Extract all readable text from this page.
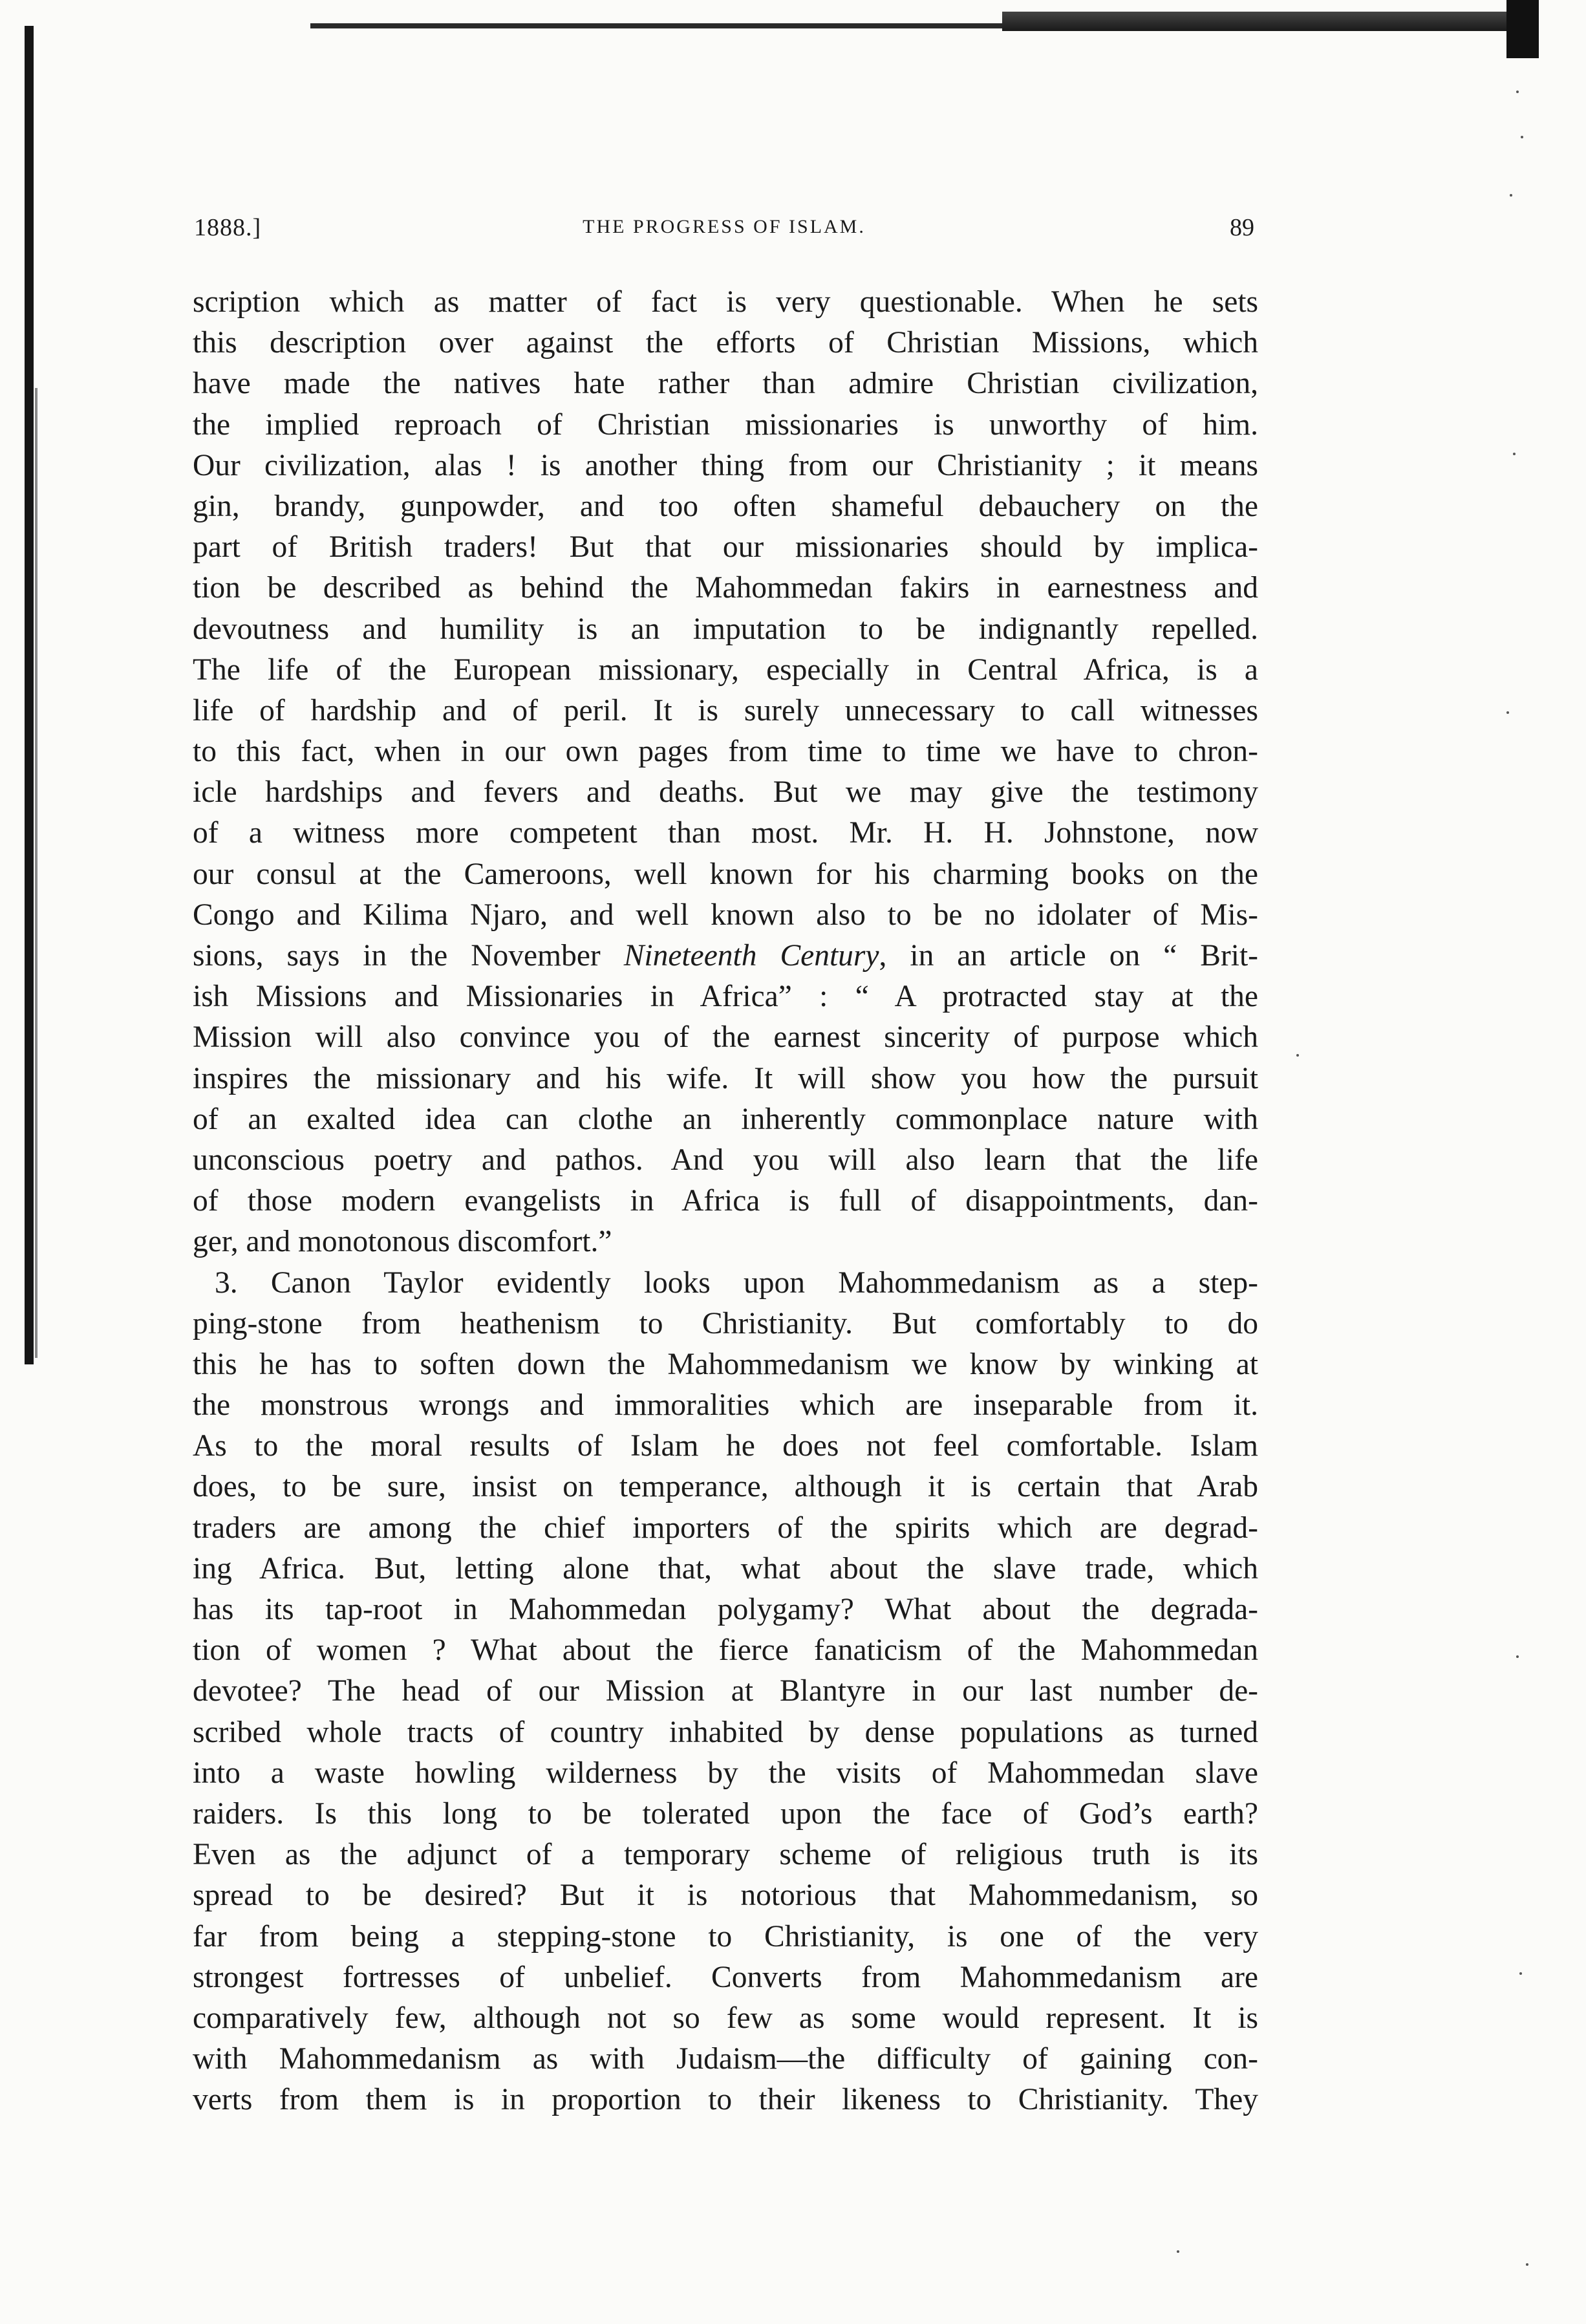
1888.]	THE PROGRESS OF ISLAM.	89
scription which as matter of fact is very questionable. When he sets
this description over against the efforts of Christian Missions, which
have made the natives hate rather than admire Christian civilization,
the implied reproach of Christian missionaries is unworthy of him.
Our civilization, alas ! is another thing from our Christianity ; it means
gin, brandy, gunpowder, and too often shameful debauchery on the
part of British traders! But that our missionaries should by implica-
tion be described as behind the Mahommedan fakirs in earnestness and
devoutness and humility is an imputation to be indignantly repelled.
The life of the European missionary, especially in Central Africa, is a
life of hardship and of peril. It is surely unnecessary to call witnesses
to this fact, when in our own pages from time to time we have to chron-
icle hardships and fevers and deaths. But we may give the testimony
of a witness more competent than most. Mr. H. H. Johnstone, now
our consul at the Cameroons, well known for his charming books on the
Congo and Kilima Njaro, and well known also to be no idolater of Mis-
sions, says in the November Nineteenth Century, in an article on “ Brit-
ish Missions and Missionaries in Africa” : “ A protracted stay at the
Mission will also convince you of the earnest sincerity of purpose which
inspires the missionary and his wife. It will show you how the pursuit
of an exalted idea can clothe an inherently commonplace nature with
unconscious poetry and pathos. And you will also learn that the life
of those modern evangelists in Africa is full of disappointments, dan-
ger, and monotonous discomfort.”
3. Canon Taylor evidently looks upon Mahommedanism as a step-
ping-stone from heathenism to Christianity. But comfortably to do
this he has to soften down the Mahommedanism we know by winking at
the monstrous wrongs and immoralities which are inseparable from it.
As to the moral results of Islam he does not feel comfortable. Islam
does, to be sure, insist on temperance, although it is certain that Arab
traders are among the chief importers of the spirits which are degrad-
ing Africa. But, letting alone that, what about the slave trade, which
has its tap-root in Mahommedan polygamy? What about the degrada-
tion of women ? What about the fierce fanaticism of the Mahommedan
devotee? The head of our Mission at Blantyre in our last number de-
scribed whole tracts of country inhabited by dense populations as turned
into a waste howling wilderness by the visits of Mahommedan slave
raiders. Is this long to be tolerated upon the face of God’s earth?
Even as the adjunct of a temporary scheme of religious truth is its
spread to be desired? But it is notorious that Mahommedanism, so
far from being a stepping-stone to Christianity, is one of the very
strongest fortresses of unbelief. Converts from Mahommedanism are
comparatively few, although not so few as some would represent. It is
with Mahommedanism as with Judaism—the difficulty of gaining con-
verts from them is in proportion to their likeness to Christianity. They
